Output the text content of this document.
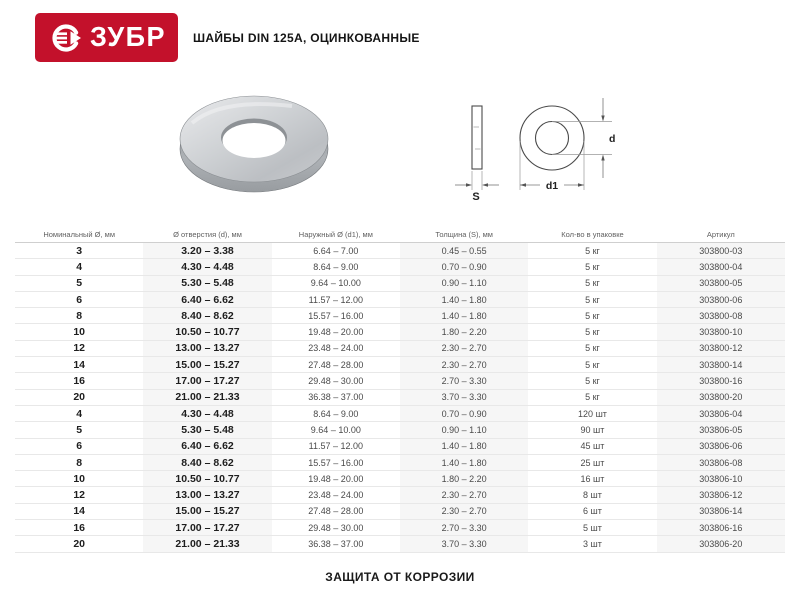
ЗУБР ШАЙБЫ DIN 125A, ОЦИНКОВАННЫЕ
S
d1
d
Номинальный Ø, мм	Ø отверстия (d), мм	Наружный Ø (d1), мм	Толщина (S), мм	Кол-во в упаковке	Артикул
3	3.20 – 3.38	6.64 – 7.00	0.45 – 0.55	5 кг	303800-03
4	4.30 – 4.48	8.64 – 9.00	0.70 – 0.90	5 кг	303800-04
5	5.30 – 5.48	9.64 – 10.00	0.90 – 1.10	5 кг	303800-05
6	6.40 – 6.62	11.57 – 12.00	1.40 – 1.80	5 кг	303800-06
8	8.40 – 8.62	15.57 – 16.00	1.40 – 1.80	5 кг	303800-08
10	10.50 – 10.77	19.48 – 20.00	1.80 – 2.20	5 кг	303800-10
12	13.00 – 13.27	23.48 – 24.00	2.30 – 2.70	5 кг	303800-12
14	15.00 – 15.27	27.48 – 28.00	2.30 – 2.70	5 кг	303800-14
16	17.00 – 17.27	29.48 – 30.00	2.70 – 3.30	5 кг	303800-16
20	21.00 – 21.33	36.38 – 37.00	3.70 – 3.30	5 кг	303800-20
4	4.30 – 4.48	8.64 – 9.00	0.70 – 0.90	120 шт	303806-04
5	5.30 – 5.48	9.64 – 10.00	0.90 – 1.10	90 шт	303806-05
6	6.40 – 6.62	11.57 – 12.00	1.40 – 1.80	45 шт	303806-06
8	8.40 – 8.62	15.57 – 16.00	1.40 – 1.80	25 шт	303806-08
10	10.50 – 10.77	19.48 – 20.00	1.80 – 2.20	16 шт	303806-10
12	13.00 – 13.27	23.48 – 24.00	2.30 – 2.70	8 шт	303806-12
14	15.00 – 15.27	27.48 – 28.00	2.30 – 2.70	6 шт	303806-14
16	17.00 – 17.27	29.48 – 30.00	2.70 – 3.30	5 шт	303806-16
20	21.00 – 21.33	36.38 – 37.00	3.70 – 3.30	3 шт	303806-20
ЗАЩИТА ОТ КОРРОЗИИ
